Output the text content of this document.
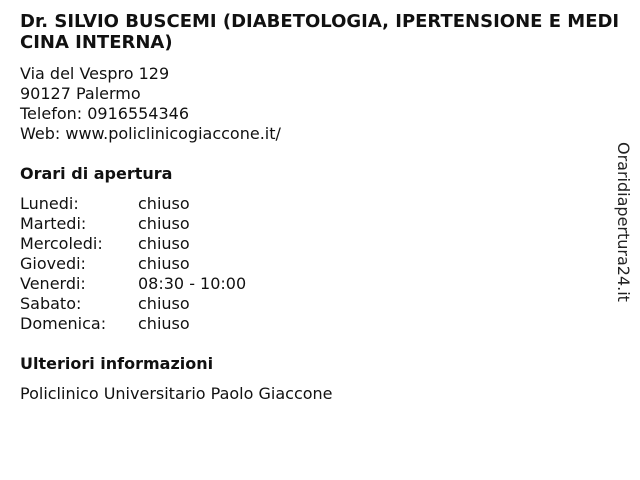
Dr. SILVIO BUSCEMI (DIABETOLOGIA, IPERTENSIONE E MEDICINA INTERNA)
Via del Vespro 129
90127 Palermo
Telefon: 0916554346
Web: www.policlinicogiaccone.it/
Orari di apertura
Lunedi:	chiuso
Martedi:	chiuso
Mercoledi:	chiuso
Giovedi:	chiuso
Venerdi:	08:30 - 10:00
Sabato:	chiuso
Domenica:	chiuso
Ulteriori informazioni
Policlinico Universitario Paolo Giaccone
Oraridiapertura24.it
